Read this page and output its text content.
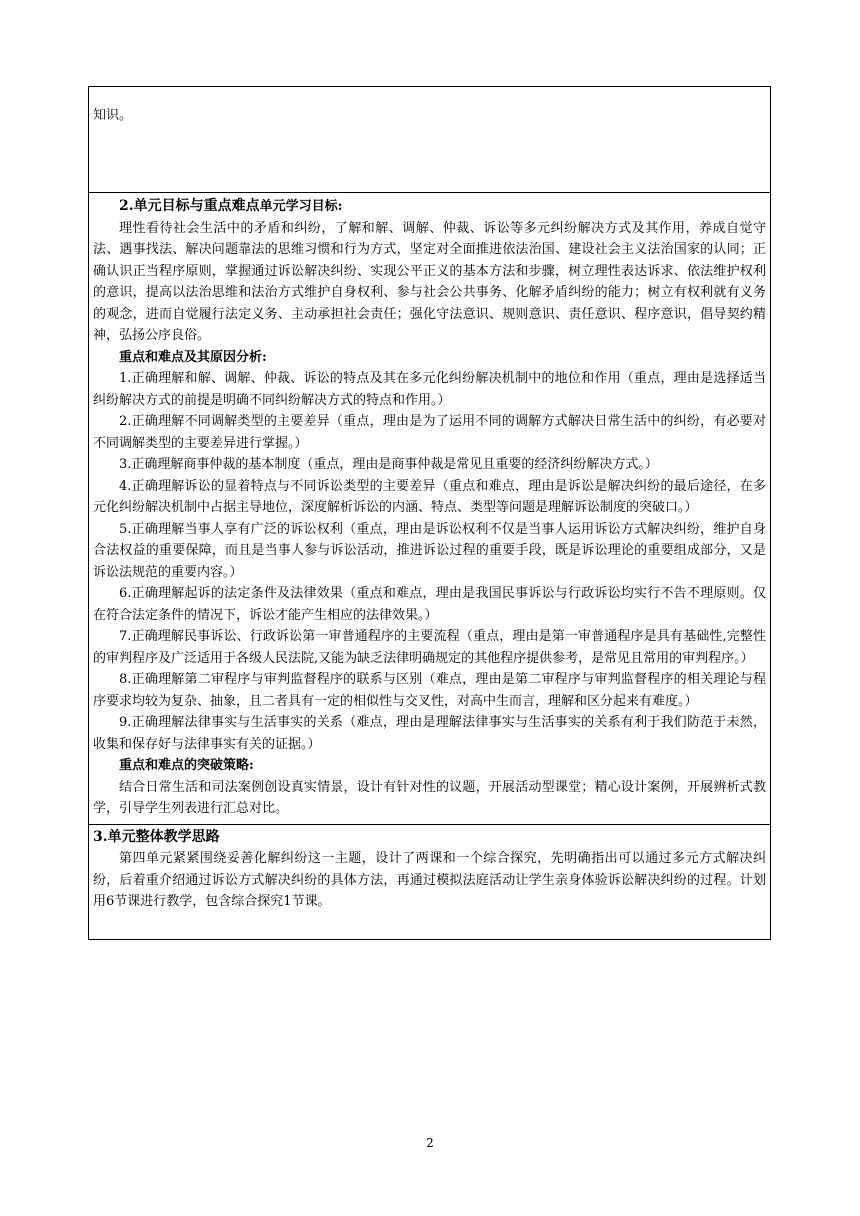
知识。

2.单元目标与重点难点单元学习目标:

理性看待社会生活中的矛盾和纠纷，了解和解、调解、仲裁、诉讼等多元纠纷解决方式及其作用，养成自觉守法、遇事找法、解决问题靠法的思维习惯和行为方式，坚定对全面推进依法治国、建设社会主义法治国家的认同；正确认识正当程序原则，掌握通过诉讼解决纠纷、实现公平正义的基本方法和步骤，树立理性表达诉求、依法维护权利的意识，提高以法治思维和法治方式维护自身权利、参与社会公共事务、化解矛盾纠纷的能力；树立有权利就有义务的观念，进而自觉履行法定义务、主动承担社会责任；强化守法意识、规则意识、责任意识、程序意识，倡导契约精神，弘扬公序良俗。

重点和难点及其原因分析:

1.正确理解和解、调解、仲裁、诉讼的特点及其在多元化纠纷解决机制中的地位和作用（重点，理由是选择适当纠纷解决方式的前提是明确不同纠纷解决方式的特点和作用。）

2.正确理解不同调解类型的主要差异（重点，理由是为了运用不同的调解方式解决日常生活中的纠纷，有必要对不同调解类型的主要差异进行掌握。）

3.正确理解商事仲裁的基本制度（重点，理由是商事仲裁是常见且重要的经济纠纷解决方式。）

4.正确理解诉讼的显着特点与不同诉讼类型的主要差异（重点和难点，理由是诉讼是解决纠纷的最后途径，在多元化纠纷解决机制中占据主导地位，深度解析诉讼的内涵、特点、类型等问题是理解诉讼制度的突破口。）

5.正确理解当事人享有广泛的诉讼权利（重点，理由是诉讼权利不仅是当事人运用诉讼方式解决纠纷，维护自身合法权益的重要保障，而且是当事人参与诉讼活动，推进诉讼过程的重要手段，既是诉讼理论的重要组成部分，又是诉讼法规范的重要内容。）

6.正确理解起诉的法定条件及法律效果（重点和难点，理由是我国民事诉讼与行政诉讼均实行不告不理原则。仅在符合法定条件的情况下，诉讼才能产生相应的法律效果。）

7.正确理解民事诉讼、行政诉讼第一审普通程序的主要流程（重点，理由是第一审普通程序是具有基础性,完整性的审判程序及广泛适用于各级人民法院,又能为缺乏法律明确规定的其他程序提供参考，是常见且常用的审判程序。）

8.正确理解第二审程序与审判监督程序的联系与区别（难点，理由是第二审程序与审判监督程序的相关理论与程序要求均较为复杂、抽象，且二者具有一定的相似性与交叉性，对高中生而言，理解和区分起来有难度。）

9.正确理解法律事实与生活事实的关系（难点，理由是理解法律事实与生活事实的关系有利于我们防范于未然，收集和保存好与法律事实有关的证据。）

重点和难点的突破策略:

结合日常生活和司法案例创设真实情景，设计有针对性的议题，开展活动型课堂；精心设计案例，开展辨析式教学，引导学生列表进行汇总对比。

3.单元整体教学思路

第四单元紧紧围绕妥善化解纠纷这一主题，设计了两课和一个综合探究，先明确指出可以通过多元方式解决纠纷，后着重介绍通过诉讼方式解决纠纷的具体方法，再通过模拟法庭活动让学生亲身体验诉讼解决纠纷的过程。计划用6节课进行教学，包含综合探究1节课。

2
